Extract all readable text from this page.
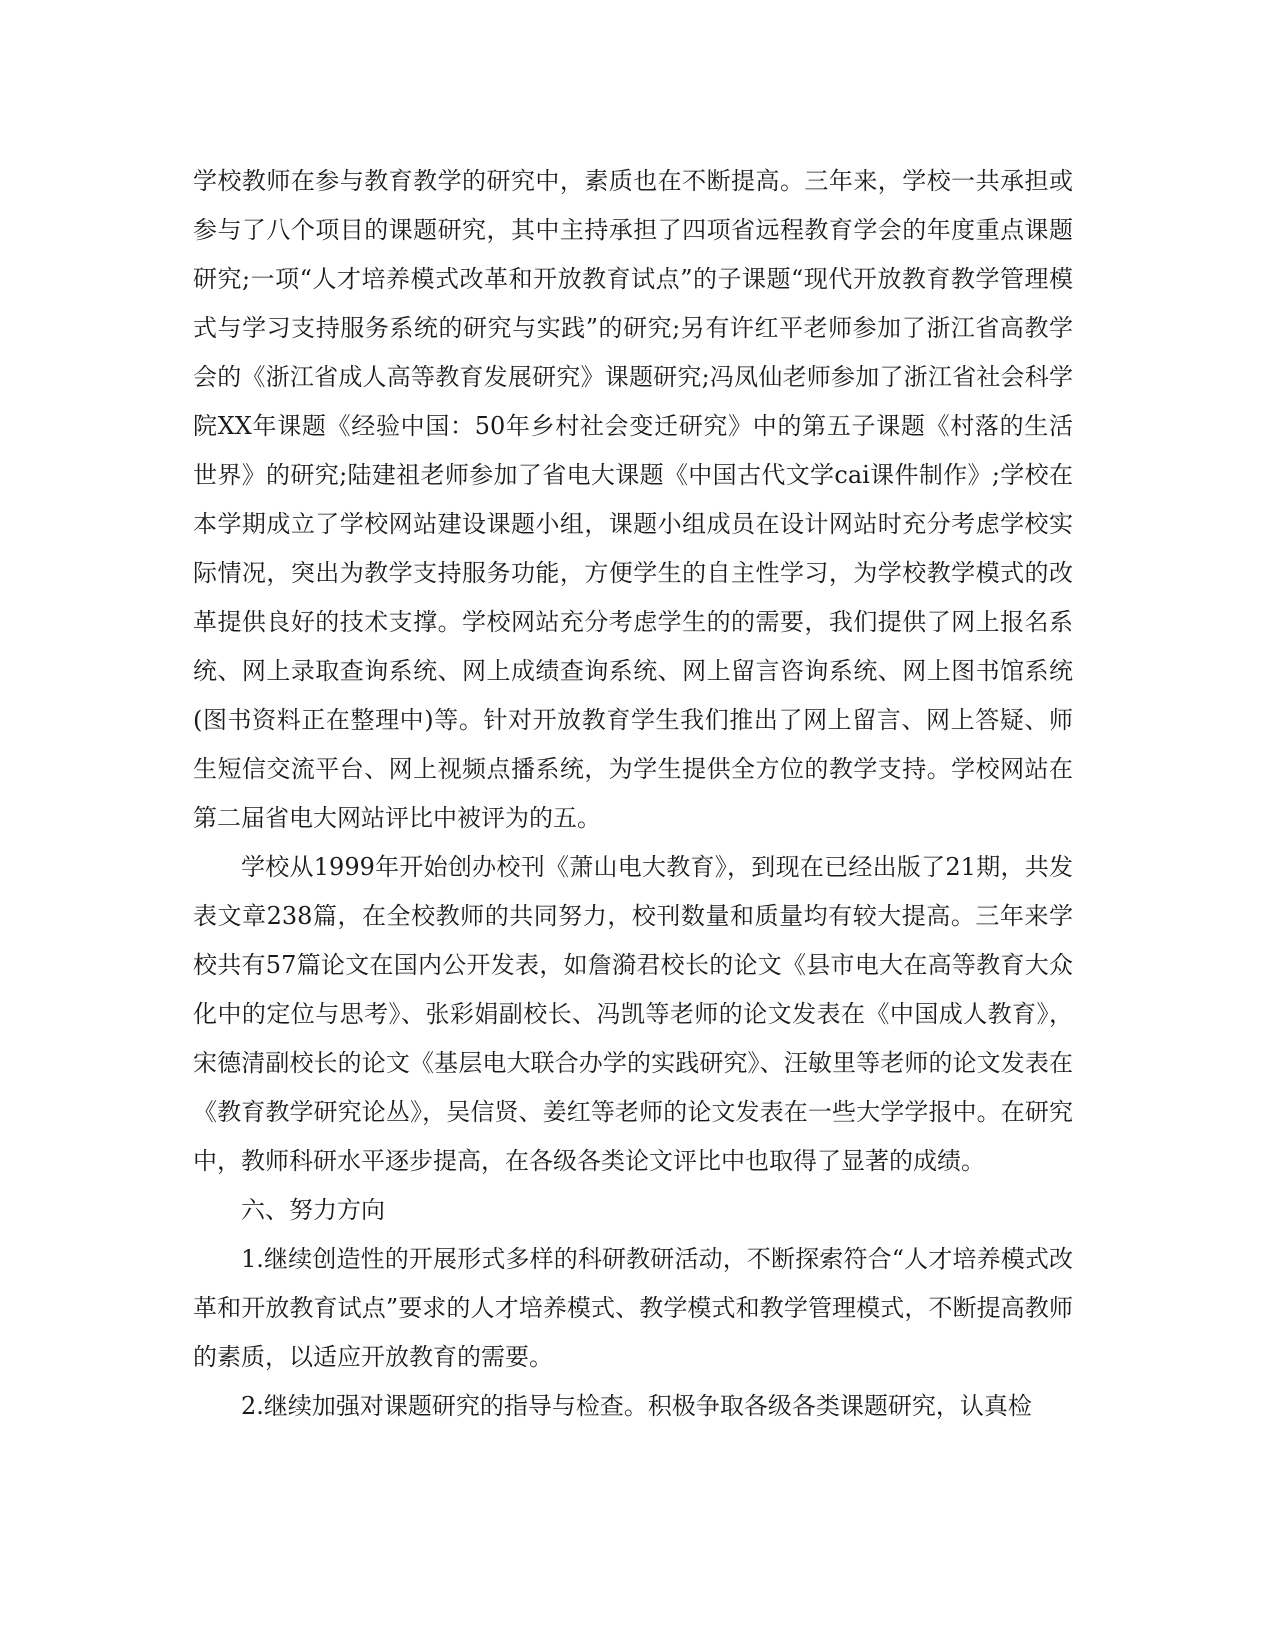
学校教师在参与教育教学的研究中，素质也在不断提高。三年来，学校一共承担或参与了八个项目的课题研究，其中主持承担了四项省远程教育学会的年度重点课题研究;一项“人才培养模式改革和开放教育试点”的子课题“现代开放教育教学管理模式与学习支持服务系统的研究与实践”的研究;另有许红平老师参加了浙江省高教学会的《浙江省成人高等教育发展研究》课题研究;冯凤仙老师参加了浙江省社会科学院XX年课题《经验中国：50年乡村社会变迁研究》中的第五子课题《村落的生活世界》的研究;陆建祖老师参加了省电大课题《中国古代文学cai课件制作》;学校在本学期成立了学校网站建设课题小组，课题小组成员在设计网站时充分考虑学校实际情况，突出为教学支持服务功能，方便学生的自主性学习，为学校教学模式的改革提供良好的技术支撑。学校网站充分考虑学生的的需要，我们提供了网上报名系统、网上录取查询系统、网上成绩查询系统、网上留言咨询系统、网上图书馆系统(图书资料正在整理中)等。针对开放教育学生我们推出了网上留言、网上答疑、师生短信交流平台、网上视频点播系统，为学生提供全方位的教学支持。学校网站在第二届省电大网站评比中被评为的五。

学校从1999年开始创办校刊《萧山电大教育》，到现在已经出版了21期，共发表文章238篇，在全校教师的共同努力，校刊数量和质量均有较大提高。三年来学校共有57篇论文在国内公开发表，如詹漪君校长的论文《县市电大在高等教育大众化中的定位与思考》、张彩娟副校长、冯凯等老师的论文发表在《中国成人教育》，宋德清副校长的论文《基层电大联合办学的实践研究》、汪敏里等老师的论文发表在《教育教学研究论丛》，吴信贤、姜红等老师的论文发表在一些大学学报中。在研究中，教师科研水平逐步提高，在各级各类论文评比中也取得了显著的成绩。

六、努力方向

1.继续创造性的开展形式多样的科研教研活动，不断探索符合“人才培养模式改革和开放教育试点”要求的人才培养模式、教学模式和教学管理模式，不断提高教师的素质，以适应开放教育的需要。

2.继续加强对课题研究的指导与检查。积极争取各级各类课题研究，认真检
